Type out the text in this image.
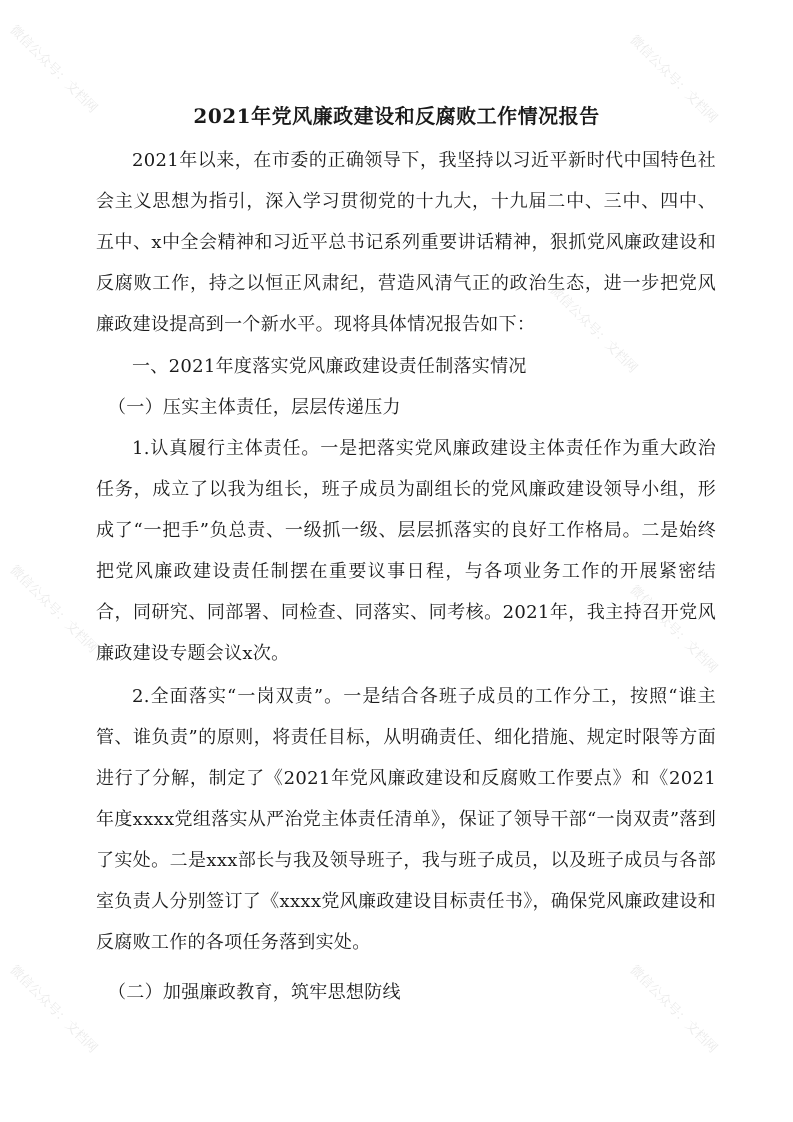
微信公众号：文档网	微信公众号：文档网
微信公众号：文档网
微信公众号：文档网	微信公众号：文档网
微信公众号：文档网	微信公众号：文档网
2021年党风廉政建设和反腐败工作情况报告
2021年以来，在市委的正确领导下，我坚持以习近平新时代中国特色社会主义思想为指引，深入学习贯彻党的十九大，十九届二中、三中、四中、五中、x中全会精神和习近平总书记系列重要讲话精神，狠抓党风廉政建设和反腐败工作，持之以恒正风肃纪，营造风清气正的政治生态，进一步把党风廉政建设提高到一个新水平。现将具体情况报告如下：
一、2021年度落实党风廉政建设责任制落实情况
（一）压实主体责任，层层传递压力
1.认真履行主体责任。一是把落实党风廉政建设主体责任作为重大政治任务，成立了以我为组长，班子成员为副组长的党风廉政建设领导小组，形成了“一把手”负总责、一级抓一级、层层抓落实的良好工作格局。二是始终把党风廉政建设责任制摆在重要议事日程，与各项业务工作的开展紧密结合，同研究、同部署、同检查、同落实、同考核。2021年，我主持召开党风廉政建设专题会议x次。
2.全面落实“一岗双责”。一是结合各班子成员的工作分工，按照“谁主管、谁负责”的原则，将责任目标，从明确责任、细化措施、规定时限等方面进行了分解，制定了《2021年党风廉政建设和反腐败工作要点》和《2021年度xxxx党组落实从严治党主体责任清单》，保证了领导干部“一岗双责”落到了实处。二是xxx部长与我及领导班子，我与班子成员，以及班子成员与各部室负责人分别签订了《xxxx党风廉政建设目标责任书》，确保党风廉政建设和反腐败工作的各项任务落到实处。
（二）加强廉政教育，筑牢思想防线
